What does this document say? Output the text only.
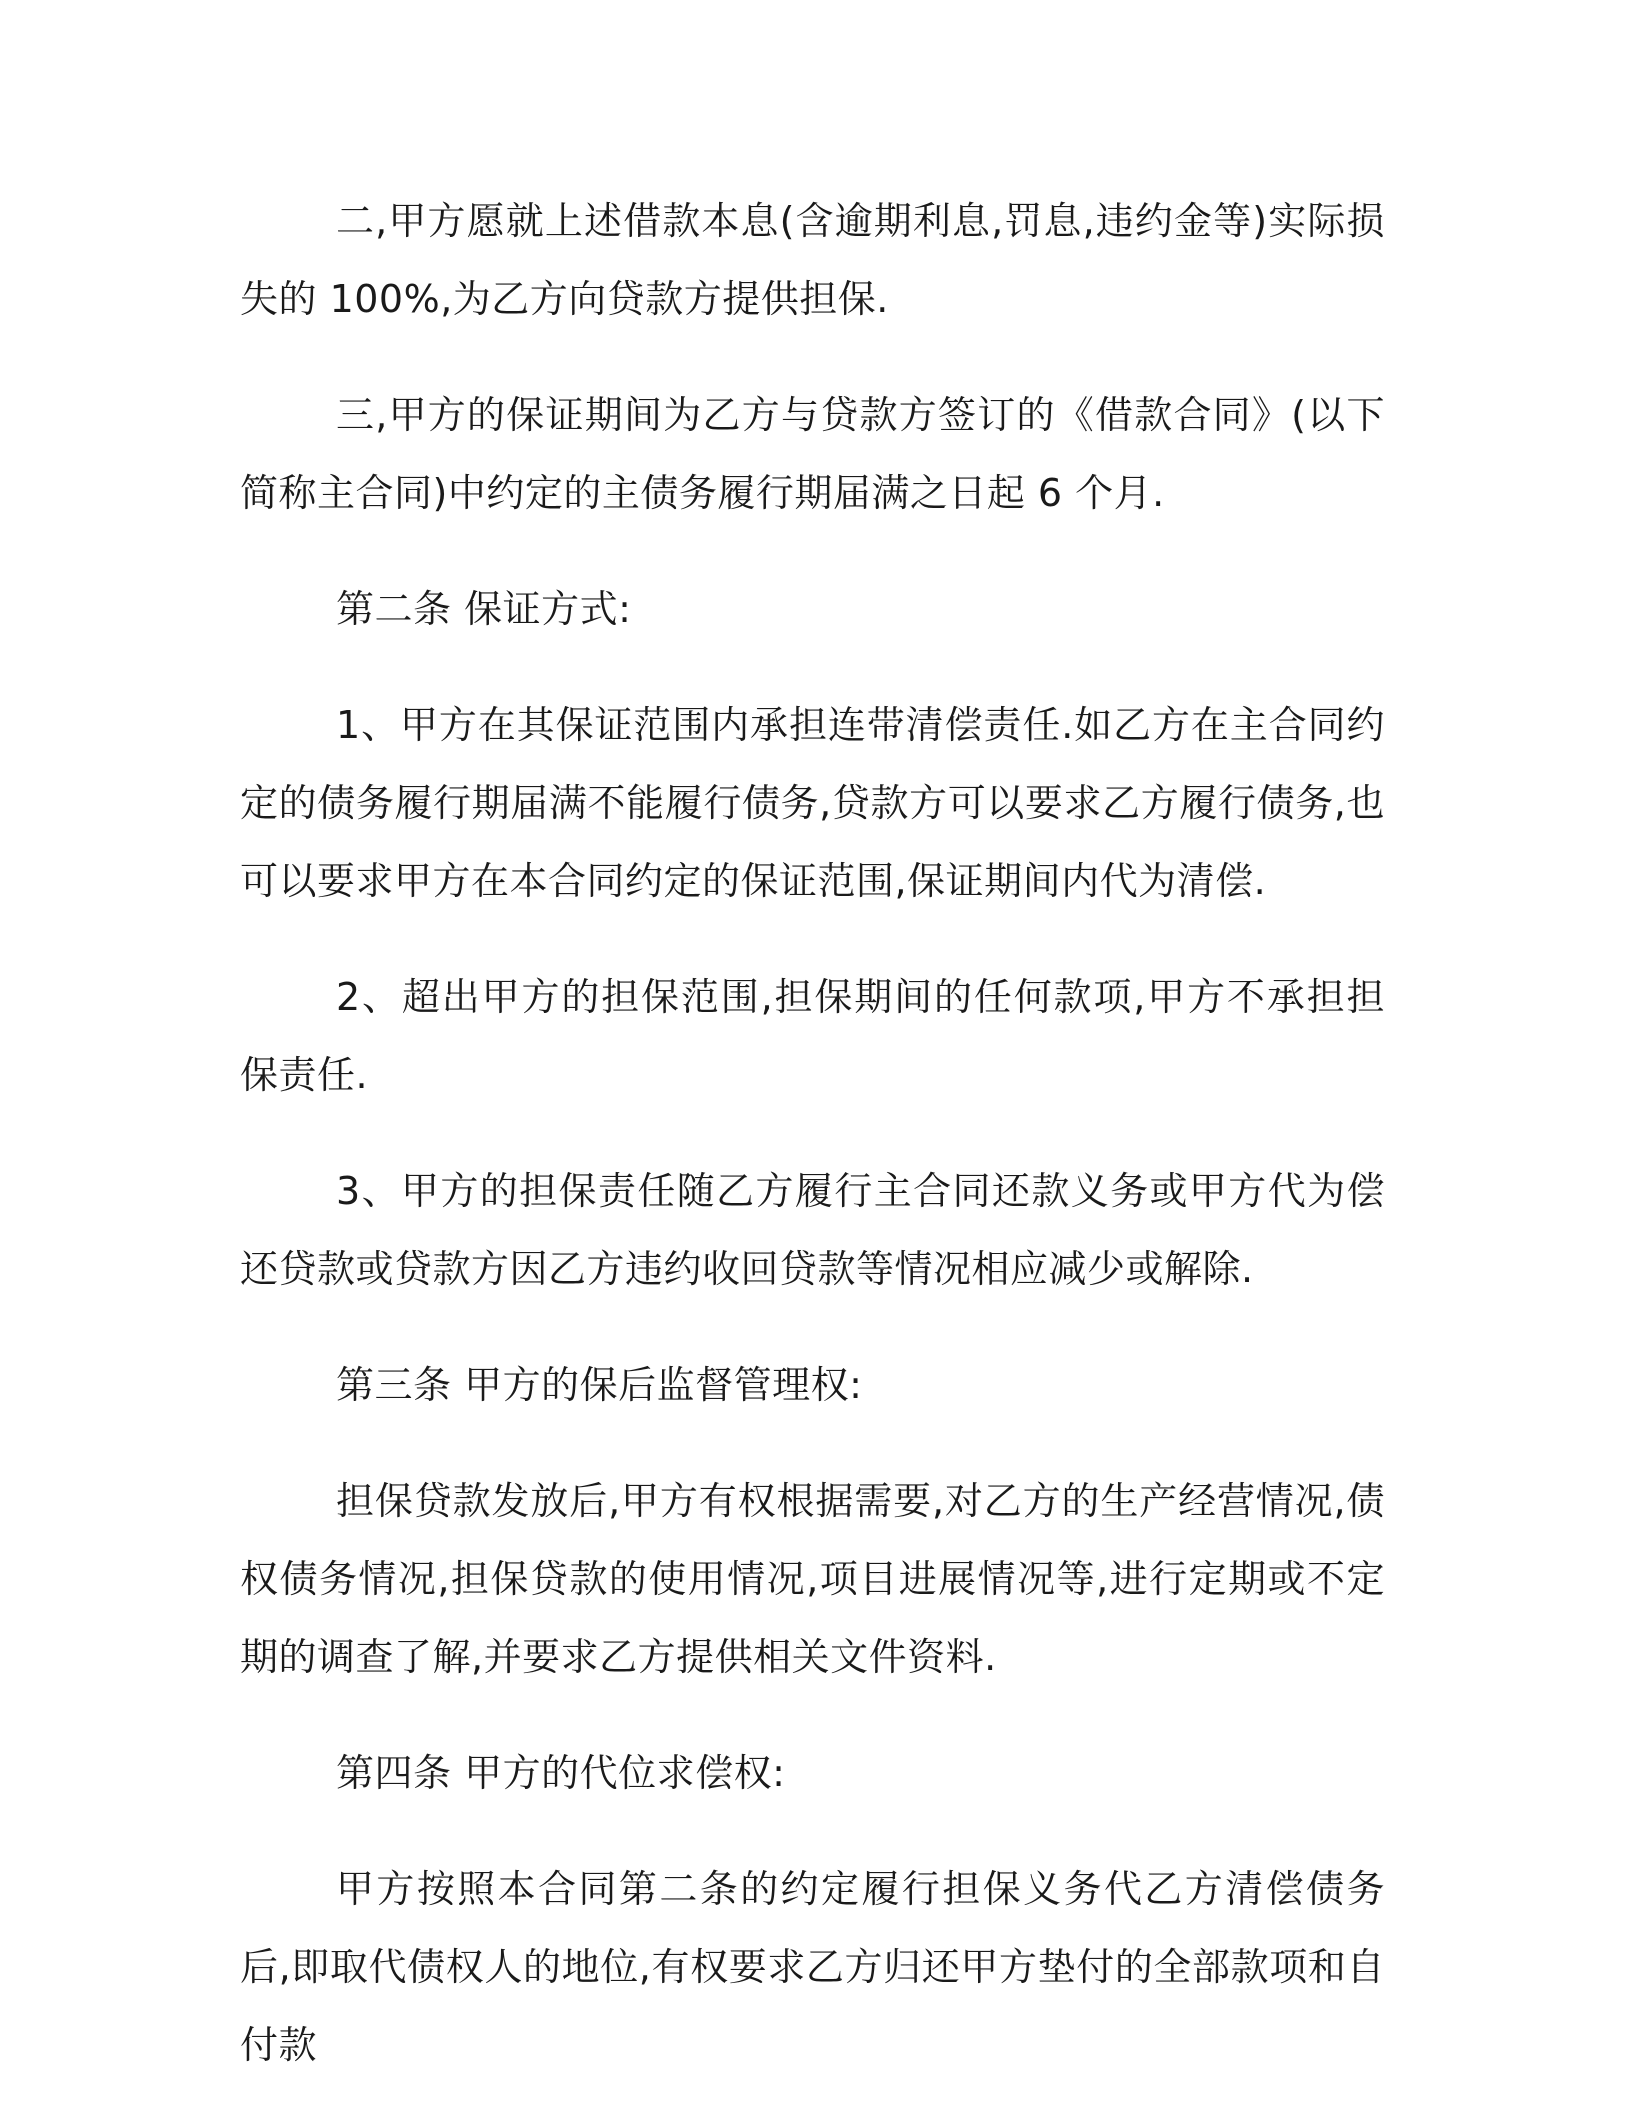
二,甲方愿就上述借款本息(含逾期利息,罚息,违约金等)实际损失的 100%,为乙方向贷款方提供担保.

三,甲方的保证期间为乙方与贷款方签订的《借款合同》(以下简称主合同)中约定的主债务履行期届满之日起 6 个月.

第二条 保证方式:

1、甲方在其保证范围内承担连带清偿责任.如乙方在主合同约定的债务履行期届满不能履行债务,贷款方可以要求乙方履行债务,也可以要求甲方在本合同约定的保证范围,保证期间内代为清偿.

2、超出甲方的担保范围,担保期间的任何款项,甲方不承担担保责任.

3、甲方的担保责任随乙方履行主合同还款义务或甲方代为偿还贷款或贷款方因乙方违约收回贷款等情况相应减少或解除.

第三条 甲方的保后监督管理权:

担保贷款发放后,甲方有权根据需要,对乙方的生产经营情况,债权债务情况,担保贷款的使用情况,项目进展情况等,进行定期或不定期的调查了解,并要求乙方提供相关文件资料.

第四条 甲方的代位求偿权:

甲方按照本合同第二条的约定履行担保义务代乙方清偿债务后,即取代债权人的地位,有权要求乙方归还甲方垫付的全部款项和自付款
